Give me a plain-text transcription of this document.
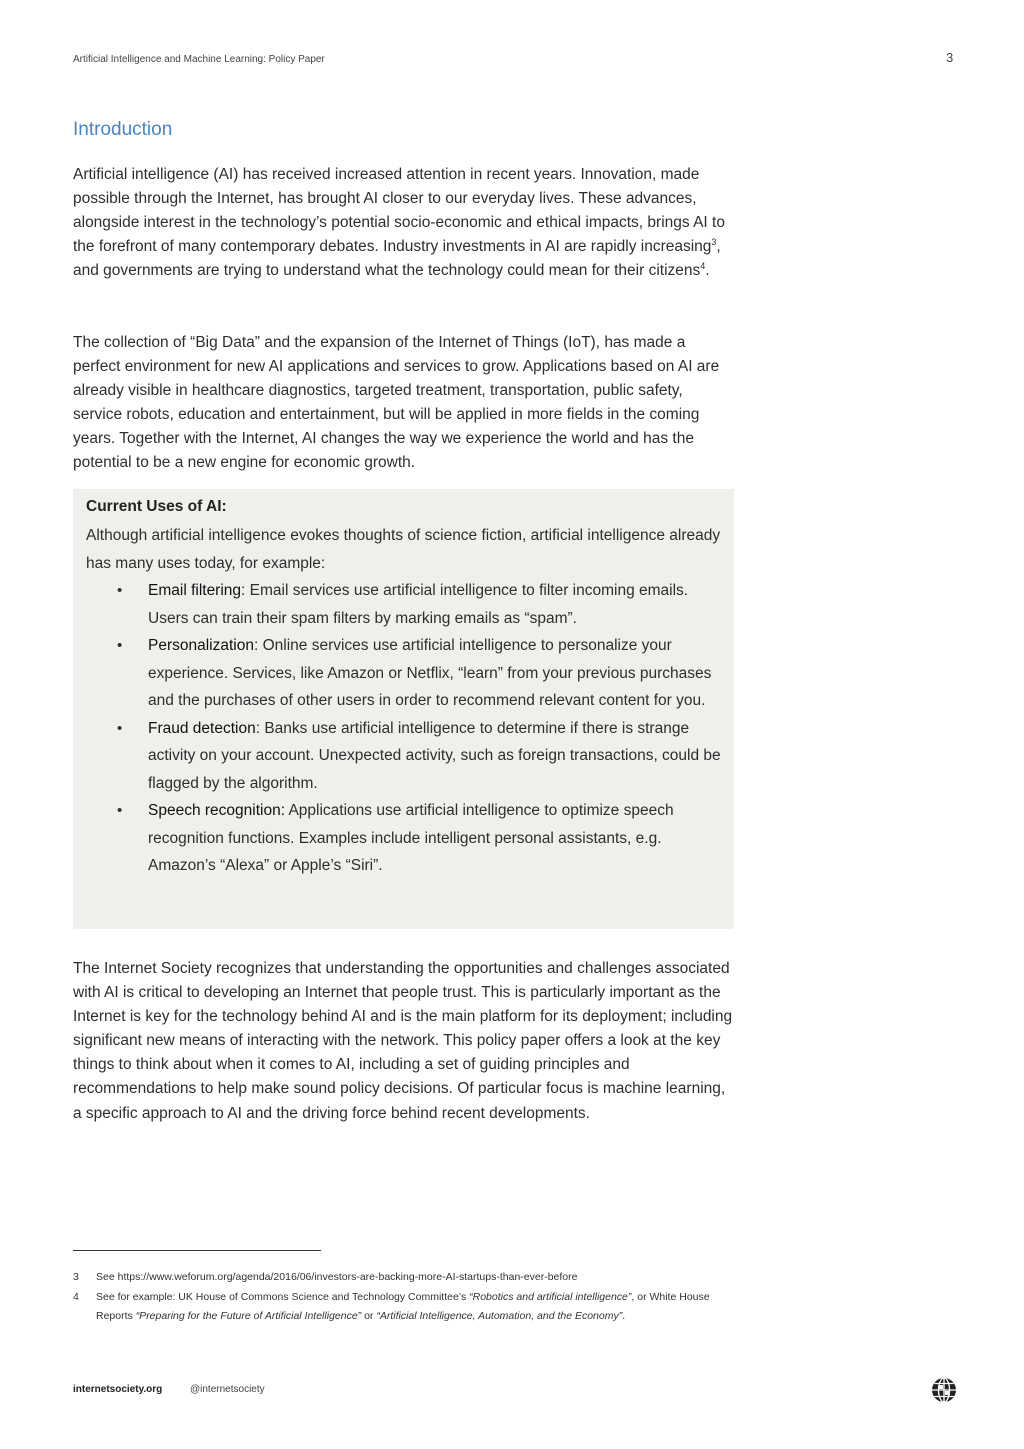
Artificial Intelligence and Machine Learning: Policy Paper	3
Introduction

Artificial intelligence (AI) has received increased attention in recent years. Innovation, made possible through the Internet, has brought AI closer to our everyday lives. These advances, alongside interest in the technology’s potential socio-economic and ethical impacts, brings AI to the forefront of many contemporary debates. Industry investments in AI are rapidly increasing$^3$, and governments are trying to understand what the technology could mean for their citizens$^4$.

The collection of “Big Data” and the expansion of the Internet of Things (IoT), has made a perfect environment for new AI applications and services to grow. Applications based on AI are already visible in healthcare diagnostics, targeted treatment, transportation, public safety, service robots, education and entertainment, but will be applied in more fields in the coming years. Together with the Internet, AI changes the way we experience the world and has the potential to be a new engine for economic growth.

Current Uses of AI:

Although artificial intelligence evokes thoughts of science fiction, artificial intelligence already has many uses today, for example:

• Email filtering: Email services use artificial intelligence to filter incoming emails. Users can train their spam filters by marking emails as “spam”.
• Personalization: Online services use artificial intelligence to personalize your experience. Services, like Amazon or Netflix, “learn” from your previous purchases and the purchases of other users in order to recommend relevant content for you.
• Fraud detection: Banks use artificial intelligence to determine if there is strange activity on your account. Unexpected activity, such as foreign transactions, could be flagged by the algorithm.
• Speech recognition: Applications use artificial intelligence to optimize speech recognition functions. Examples include intelligent personal assistants, e.g. Amazon’s “Alexa” or Apple’s “Siri”.

The Internet Society recognizes that understanding the opportunities and challenges associated with AI is critical to developing an Internet that people trust. This is particularly important as the Internet is key for the technology behind AI and is the main platform for its deployment; including significant new means of interacting with the network. This policy paper offers a look at the key things to think about when it comes to AI, including a set of guiding principles and recommendations to help make sound policy decisions. Of particular focus is machine learning, a specific approach to AI and the driving force behind recent developments.

3 See https://www.weforum.org/agenda/2016/06/investors-are-backing-more-AI-startups-than-ever-before
4 See for example: UK House of Commons Science and Technology Committee’s “Robotics and artificial intelligence”, or White House Reports “Preparing for the Future of Artificial Intelligence” or “Artificial Intelligence, Automation, and the Economy”.
internetsociety.org	@internetsociety
